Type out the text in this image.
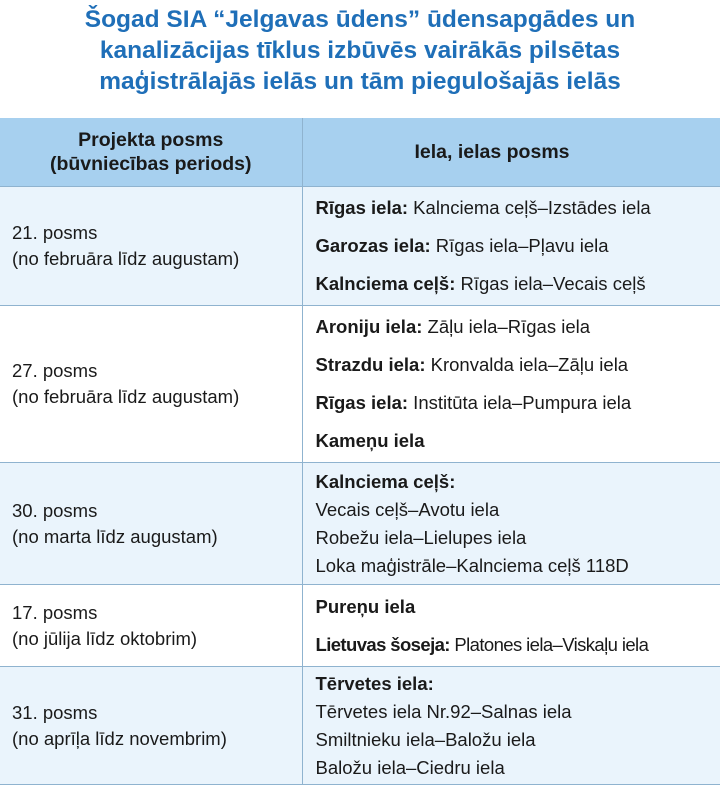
Šogad SIA “Jelgavas ūdens” ūdensapgādes un
kanalizācijas tīklus izbūvēs vairākās pilsētas
maģistrālajās ielās un tām piegulošajās ielās
Projekta posms
(būvniecības periods)	Iela, ielas posms

21. posms
(no februāra līdz augustam)	Rīgas iela: Kalnciema ceļš–Izstādes iela
Garozas iela: Rīgas iela–Pļavu iela
Kalnciema ceļš: Rīgas iela–Vecais ceļš

27. posms
(no februāra līdz augustam)	Aroniju iela: Zāļu iela–Rīgas iela
Strazdu iela: Kronvalda iela–Zāļu iela
Rīgas iela: Institūta iela–Pumpura iela
Kameņu iela

30. posms
(no marta līdz augustam)	Kalnciema ceļš:
Vecais ceļš–Avotu iela
Robežu iela–Lielupes iela
Loka maģistrāle–Kalnciema ceļš 118D

17. posms
(no jūlija līdz oktobrim)	Pureņu iela
Lietuvas šoseja: Platones iela–Viskaļu iela

31. posms
(no aprīļa līdz novembrim)	Tērvetes iela:
Tērvetes iela Nr.92–Salnas iela
Smiltnieku iela–Baložu iela
Baložu iela–Ciedru iela
